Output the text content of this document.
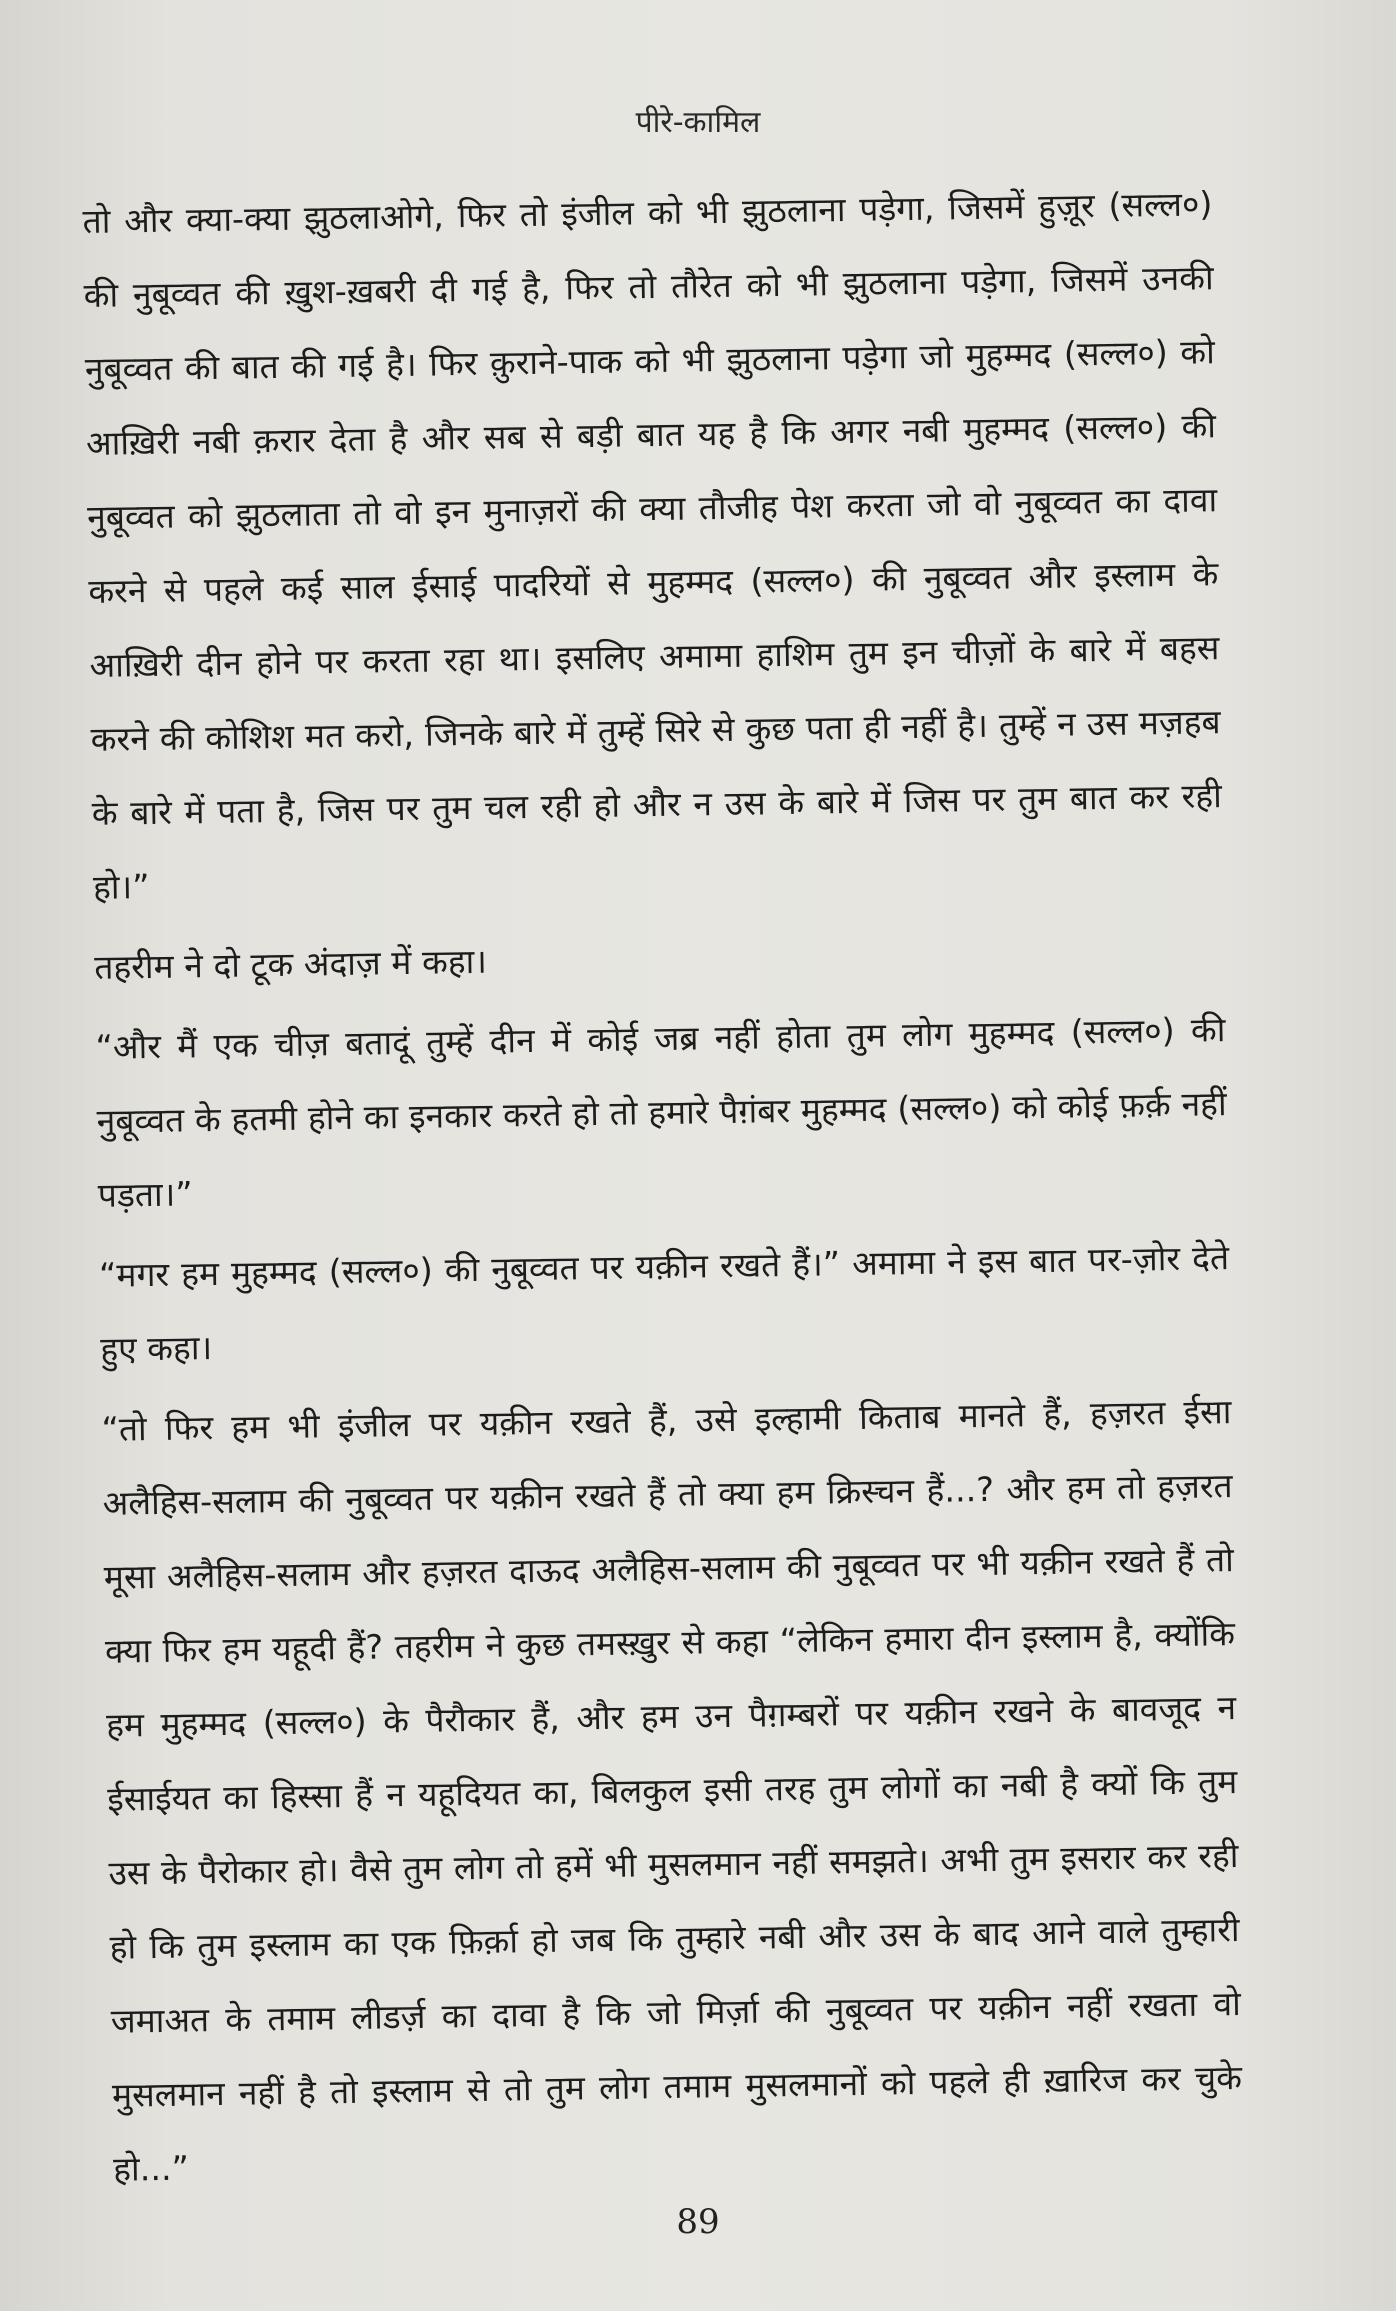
पीरे-कामिल

तो और क्या-क्या झुठलाओगे, फिर तो इंजील को भी झुठलाना पड़ेगा, जिसमें हुज़ूर (सल्ल०) की नुबूव्वत की ख़ुश-ख़बरी दी गई है, फिर तो तौरेत को भी झुठलाना पड़ेगा, जिसमें उनकी नुबूव्वत की बात की गई है। फिर क़ुराने-पाक को भी झुठलाना पड़ेगा जो मुहम्मद (सल्ल०) को आख़िरी नबी क़रार देता है और सब से बड़ी बात यह है कि अगर नबी मुहम्मद (सल्ल०) की नुबूव्वत को झुठलाता तो वो इन मुनाज़रों की क्या तौजीह पेश करता जो वो नुबूव्वत का दावा करने से पहले कई साल ईसाई पादरियों से मुहम्मद (सल्ल०) की नुबूव्वत और इस्लाम के आख़िरी दीन होने पर करता रहा था। इसलिए अमामा हाशिम तुम इन चीज़ों के बारे में बहस करने की कोशिश मत करो, जिनके बारे में तुम्हें सिरे से कुछ पता ही नहीं है। तुम्हें न उस मज़हब के बारे में पता है, जिस पर तुम चल रही हो और न उस के बारे में जिस पर तुम बात कर रही हो।”

तहरीम ने दो टूक अंदाज़ में कहा।

“और मैं एक चीज़ बतादूं तुम्हें दीन में कोई जब्र नहीं होता तुम लोग मुहम्मद (सल्ल०) की नुबूव्वत के हतमी होने का इनकार करते हो तो हमारे पैग़ंबर मुहम्मद (सल्ल०) को कोई फ़र्क़ नहीं पड़ता।”

“मगर हम मुहम्मद (सल्ल०) की नुबूव्वत पर यक़ीन रखते हैं।” अमामा ने इस बात पर-ज़ोर देते हुए कहा।

“तो फिर हम भी इंजील पर यक़ीन रखते हैं, उसे इल्हामी किताब मानते हैं, हज़रत ईसा अलैहिस-सलाम की नुबूव्वत पर यक़ीन रखते हैं तो क्या हम क्रिस्चन हैं...? और हम तो हज़रत मूसा अलैहिस-सलाम और हज़रत दाऊद अलैहिस-सलाम की नुबूव्वत पर भी यक़ीन रखते हैं तो क्या फिर हम यहूदी हैं? तहरीम ने कुछ तमस्ख़ुर से कहा “लेकिन हमारा दीन इस्लाम है, क्योंकि हम मुहम्मद (सल्ल०) के पैरौकार हैं, और हम उन पैग़म्बरों पर यक़ीन रखने के बावजूद न ईसाईयत का हिस्सा हैं न यहूदियत का, बिलकुल इसी तरह तुम लोगों का नबी है क्यों कि तुम उस के पैरोकार हो। वैसे तुम लोग तो हमें भी मुसलमान नहीं समझते। अभी तुम इसरार कर रही हो कि तुम इस्लाम का एक फ़िर्क़ा हो जब कि तुम्हारे नबी और उस के बाद आने वाले तुम्हारी जमाअत के तमाम लीडर्ज़ का दावा है कि जो मिर्ज़ा की नुबूव्वत पर यक़ीन नहीं रखता वो मुसलमान नहीं है तो इस्लाम से तो तुम लोग तमाम मुसलमानों को पहले ही ख़ारिज कर चुके हो...”

89
